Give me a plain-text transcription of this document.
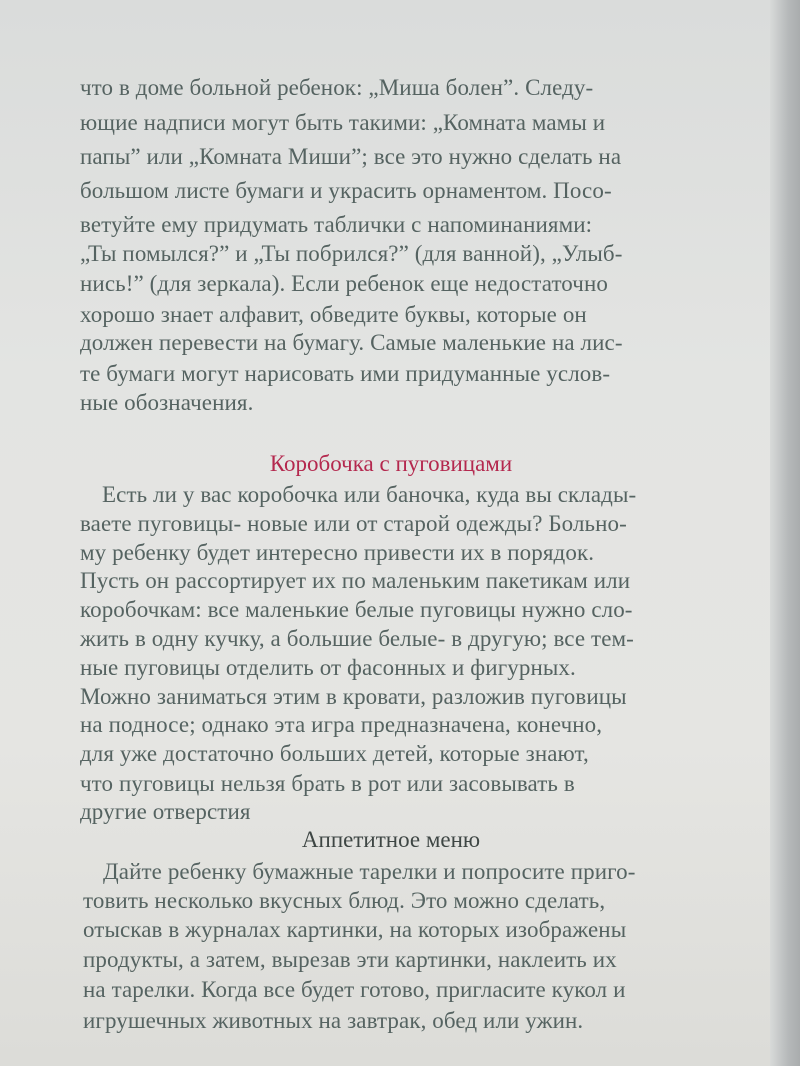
что в доме больной ребенок: „Миша болен”. Следу-
ющие надписи могут быть такими: „Комната мамы и
папы” или „Комната Миши”; все это нужно сделать на
большом листе бумаги и украсить орнаментом. Посо-
ветуйте ему придумать таблички с напоминаниями:
„Ты помылся?” и „Ты побрился?” (для ванной), „Улыб-
нись!” (для зеркала). Если ребенок еще недостаточно
хорошо знает алфавит, обведите буквы, которые он
должен перевести на бумагу. Самые маленькие на лис-
те бумаги могут нарисовать ими придуманные услов-
ные обозначения.
Коробочка с пуговицами
Есть ли у вас коробочка или баночка, куда вы склады-
ваете пуговицы- новые или от старой одежды? Больно-
му ребенку будет интересно привести их в порядок.
Пусть он рассортирует их по маленьким пакетикам или
коробочкам: все маленькие белые пуговицы нужно сло-
жить в одну кучку, а большие белые- в другую; все тем-
ные пуговицы отделить от фасонных и фигурных.
Можно заниматься этим в кровати, разложив пуговицы
на подносе; однако эта игра предназначена, конечно,
для уже достаточно больших детей, которые знают,
что пуговицы нельзя брать в рот или засовывать в
другие отверстия
Аппетитное меню
Дайте ребенку бумажные тарелки и попросите приго-
товить несколько вкусных блюд. Это можно сделать,
отыскав в журналах картинки, на которых изображены
продукты, а затем, вырезав эти картинки, наклеить их
на тарелки. Когда все будет готово, пригласите кукол и
игрушечных животных на завтрак, обед или ужин.
